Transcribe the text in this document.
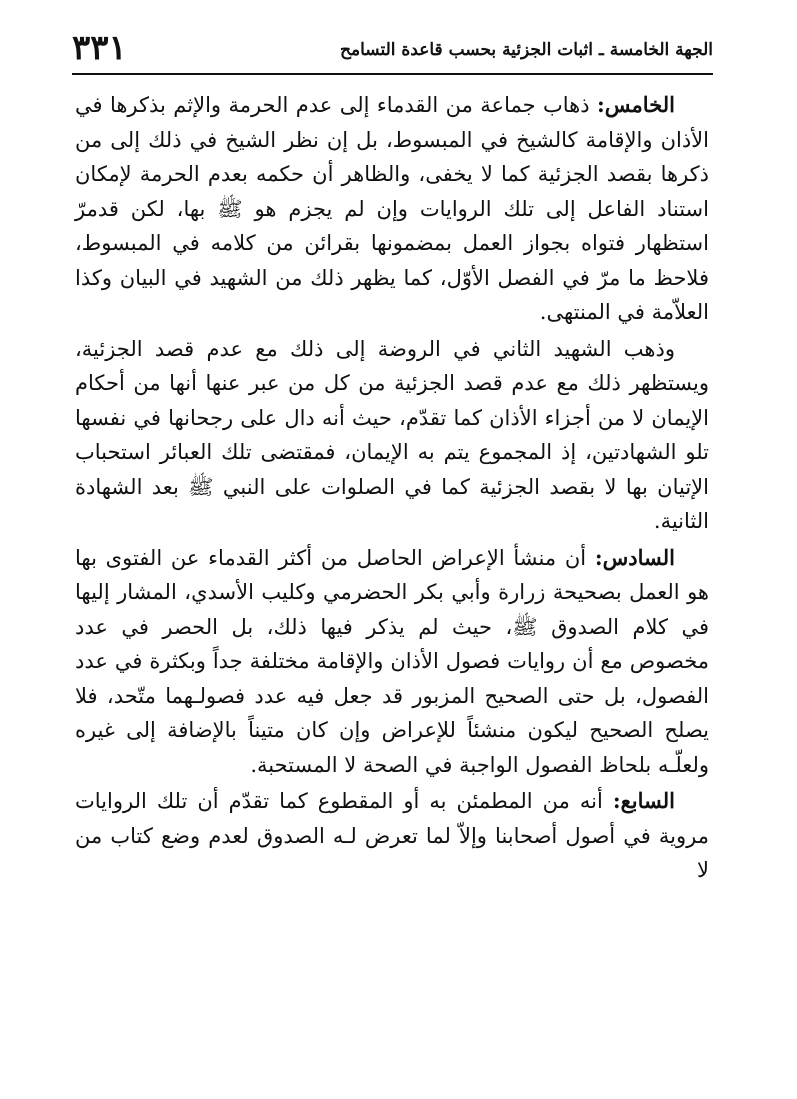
الجهة الخامسة ـ اثبات الجزئية بحسب قاعدة التسامح
٣٣١

الخامس: ذهاب جماعة من القدماء إلى عدم الحرمة والإثم بذكرها في الأذان والإقامة كالشيخ في المبسوط، بل إن نظر الشيخ في ذلك إلى من ذكرها بقصد الجزئية كما لا يخفى، والظاهر أن حكمه بعدم الحرمة لإمكان استناد الفاعل إلى تلك الروايات وإن لم يجزم هو ﷺ بها، لكن قدمرّ استظهار فتواه بجواز العمل بمضمونها بقرائن من كلامه في المبسوط، فلاحظ ما مرّ في الفصل الأوّل، كما يظهر ذلك من الشهيد في البيان وكذا العلاّمة في المنتهى.

وذهب الشهيد الثاني في الروضة إلى ذلك مع عدم قصد الجزئية، ويستظهر ذلك مع عدم قصد الجزئية من كل من عبر عنها أنها من أحكام الإيمان لا من أجزاء الأذان كما تقدّم، حيث أنه دال على رجحانها في نفسها تلو الشهادتين، إذ المجموع يتم به الإيمان، فمقتضى تلك العبائر استحباب الإتيان بها لا بقصد الجزئية كما في الصلوات على النبي ﷺ بعد الشهادة الثانية.

السادس: أن منشأ الإعراض الحاصل من أكثر القدماء عن الفتوى بها هو العمل بصحيحة زرارة وأبي بكر الحضرمي وكليب الأسدي، المشار إليها في كلام الصدوق ﷺ، حيث لم يذكر فيها ذلك، بل الحصر في عدد مخصوص مع أن روايات فصول الأذان والإقامة مختلفة جداً وبكثرة في عدد الفصول، بل حتى الصحيح المزبور قد جعل فيه عدد فصولـهما متّحد، فلا يصلح الصحيح ليكون منشئاً للإعراض وإن كان متيناً بالإضافة إلى غيره ولعلّـه بلحاظ الفصول الواجبة في الصحة لا المستحبة.

السابع: أنه من المطمئن به أو المقطوع كما تقدّم أن تلك الروايات مروية في أصول أصحابنا وإلاّ لما تعرض لـه الصدوق لعدم وضع كتاب من لا
